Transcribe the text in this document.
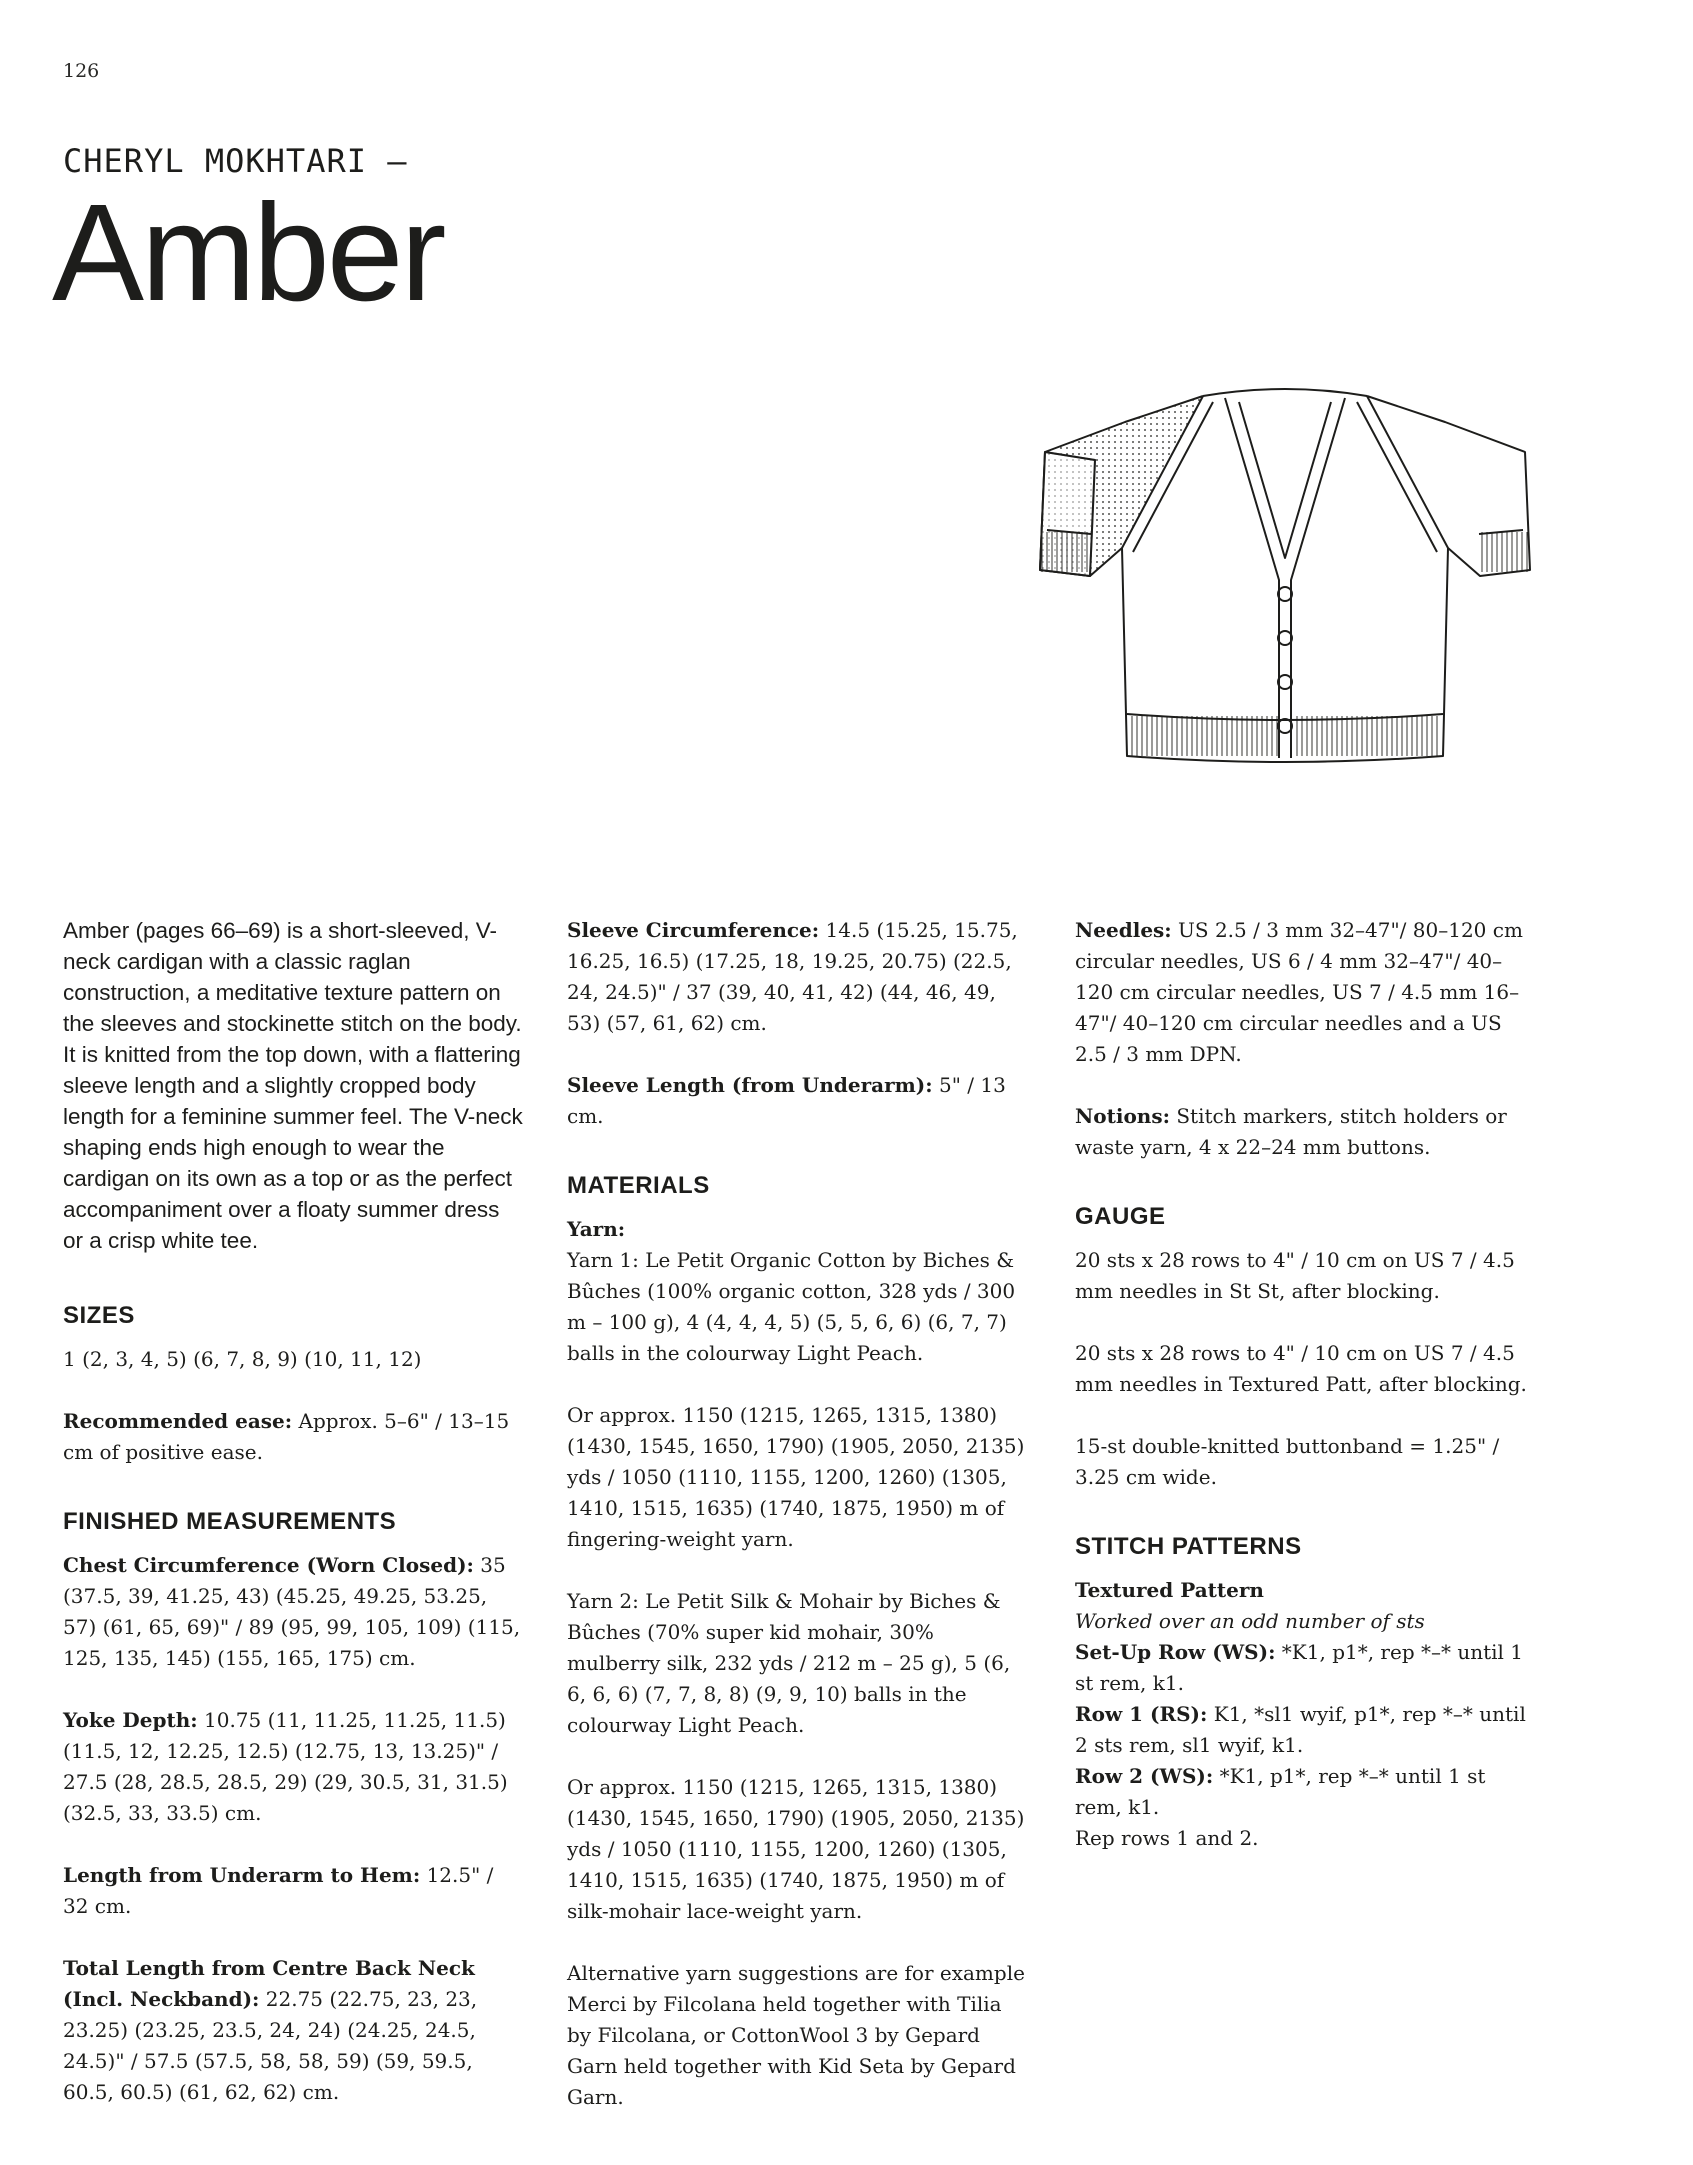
126
CHERYL MOKHTARI —
Amber

Amber (pages 66–69) is a short-sleeved, V-neck cardigan with a classic raglan construction, a meditative texture pattern on the sleeves and stockinette stitch on the body. It is knitted from the top down, with a flattering sleeve length and a slightly cropped body length for a feminine summer feel. The V-neck shaping ends high enough to wear the cardigan on its own as a top or as the perfect accompaniment over a floaty summer dress or a crisp white tee.

SIZES

1 (2, 3, 4, 5) (6, 7, 8, 9) (10, 11, 12)

Recommended ease: Approx. 5–6" / 13–15 cm of positive ease.

FINISHED MEASUREMENTS

Chest Circumference (Worn Closed): 35 (37.5, 39, 41.25, 43) (45.25, 49.25, 53.25, 57) (61, 65, 69)" / 89 (95, 99, 105, 109) (115, 125, 135, 145) (155, 165, 175) cm.

Yoke Depth: 10.75 (11, 11.25, 11.25, 11.5) (11.5, 12, 12.25, 12.5) (12.75, 13, 13.25)" / 27.5 (28, 28.5, 28.5, 29) (29, 30.5, 31, 31.5) (32.5, 33, 33.5) cm.

Length from Underarm to Hem: 12.5" / 32 cm.

Total Length from Centre Back Neck (Incl. Neckband): 22.75 (22.75, 23, 23, 23.25) (23.25, 23.5, 24, 24) (24.25, 24.5, 24.5)" / 57.5 (57.5, 58, 58, 59) (59, 59.5, 60.5, 60.5) (61, 62, 62) cm.

Sleeve Circumference: 14.5 (15.25, 15.75, 16.25, 16.5) (17.25, 18, 19.25, 20.75) (22.5, 24, 24.5)" / 37 (39, 40, 41, 42) (44, 46, 49, 53) (57, 61, 62) cm.

Sleeve Length (from Underarm): 5" / 13 cm.

MATERIALS

Yarn:

Yarn 1: Le Petit Organic Cotton by Biches & Bûches (100% organic cotton, 328 yds / 300 m – 100 g), 4 (4, 4, 4, 5) (5, 5, 6, 6) (6, 7, 7) balls in the colourway Light Peach.

Or approx. 1150 (1215, 1265, 1315, 1380) (1430, 1545, 1650, 1790) (1905, 2050, 2135) yds / 1050 (1110, 1155, 1200, 1260) (1305, 1410, 1515, 1635) (1740, 1875, 1950) m of fingering-weight yarn.

Yarn 2: Le Petit Silk & Mohair by Biches & Bûches (70% super kid mohair, 30% mulberry silk, 232 yds / 212 m – 25 g), 5 (6, 6, 6, 6) (7, 7, 8, 8) (9, 9, 10) balls in the colourway Light Peach.

Or approx. 1150 (1215, 1265, 1315, 1380) (1430, 1545, 1650, 1790) (1905, 2050, 2135) yds / 1050 (1110, 1155, 1200, 1260) (1305, 1410, 1515, 1635) (1740, 1875, 1950) m of silk-mohair lace-weight yarn.

Alternative yarn suggestions are for example Merci by Filcolana held together with Tilia by Filcolana, or CottonWool 3 by Gepard Garn held together with Kid Seta by Gepard Garn.

Needles: US 2.5 / 3 mm 32–47"/ 80–120 cm circular needles, US 6 / 4 mm 32–47"/ 40–120 cm circular needles, US 7 / 4.5 mm 16–47"/ 40–120 cm circular needles and a US 2.5 / 3 mm DPN.

Notions: Stitch markers, stitch holders or waste yarn, 4 x 22–24 mm buttons.

GAUGE

20 sts x 28 rows to 4" / 10 cm on US 7 / 4.5 mm needles in St St, after blocking.

20 sts x 28 rows to 4" / 10 cm on US 7 / 4.5 mm needles in Textured Patt, after blocking.

15-st double-knitted buttonband = 1.25" / 3.25 cm wide.

STITCH PATTERNS

Textured Pattern

Worked over an odd number of sts

Set-Up Row (WS): *K1, p1*, rep *–* until 1 st rem, k1.

Row 1 (RS): K1, *sl1 wyif, p1*, rep *–* until 2 sts rem, sl1 wyif, k1.

Row 2 (WS): *K1, p1*, rep *–* until 1 st rem, k1.

Rep rows 1 and 2.
